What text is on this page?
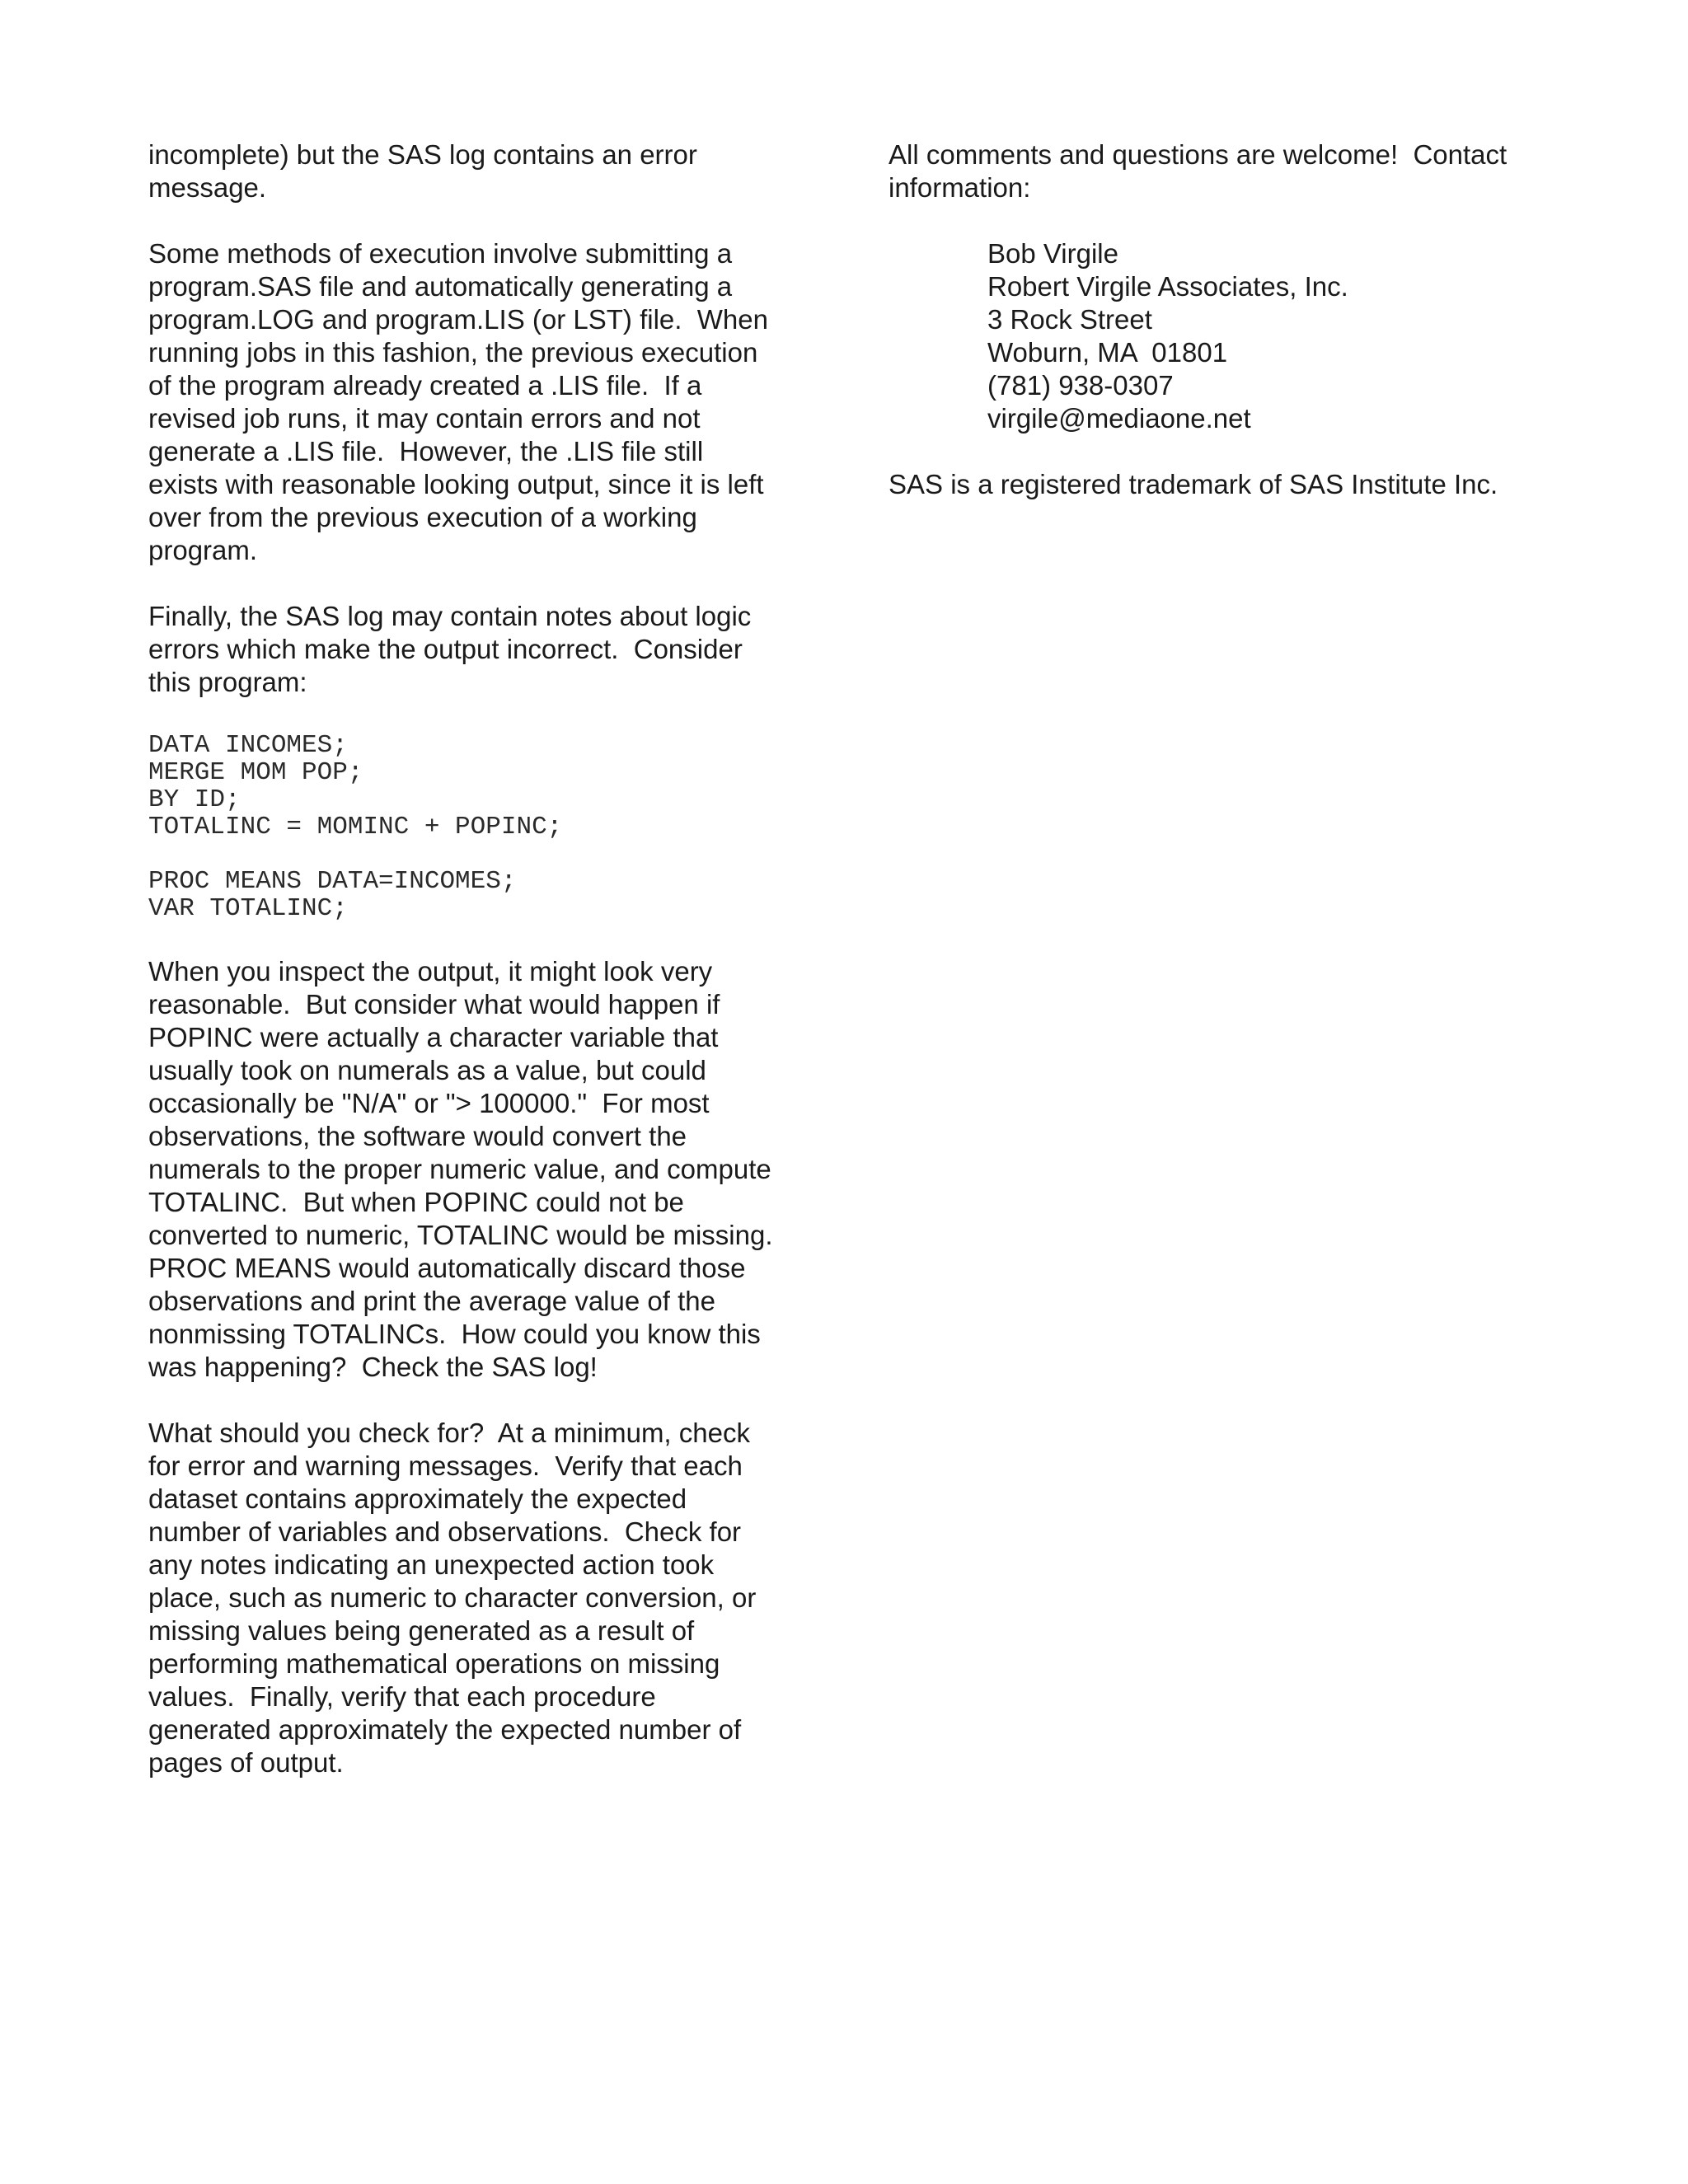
incomplete) but the SAS log contains an error
message.
Some methods of execution involve submitting a
program.SAS file and automatically generating a
program.LOG and program.LIS (or LST) file.  When
running jobs in this fashion, the previous execution
of the program already created a .LIS file.  If a
revised job runs, it may contain errors and not
generate a .LIS file.  However, the .LIS file still
exists with reasonable looking output, since it is left
over from the previous execution of a working
program.
Finally, the SAS log may contain notes about logic
errors which make the output incorrect.  Consider
this program:
DATA INCOMES;
MERGE MOM POP;
BY ID;
TOTALINC = MOMINC + POPINC;
PROC MEANS DATA=INCOMES;
VAR TOTALINC;
When you inspect the output, it might look very
reasonable.  But consider what would happen if
POPINC were actually a character variable that
usually took on numerals as a value, but could
occasionally be "N/A" or "> 100000."  For most
observations, the software would convert the
numerals to the proper numeric value, and compute
TOTALINC.  But when POPINC could not be
converted to numeric, TOTALINC would be missing.
PROC MEANS would automatically discard those
observations and print the average value of the
nonmissing TOTALINCs.  How could you know this
was happening?  Check the SAS log!
What should you check for?  At a minimum, check
for error and warning messages.  Verify that each
dataset contains approximately the expected
number of variables and observations.  Check for
any notes indicating an unexpected action took
place, such as numeric to character conversion, or
missing values being generated as a result of
performing mathematical operations on missing
values.  Finally, verify that each procedure
generated approximately the expected number of
pages of output.
All comments and questions are welcome!  Contact
information:
Bob Virgile
Robert Virgile Associates, Inc.
3 Rock Street
Woburn, MA  01801
(781) 938-0307
virgile@mediaone.net
SAS is a registered trademark of SAS Institute Inc.
